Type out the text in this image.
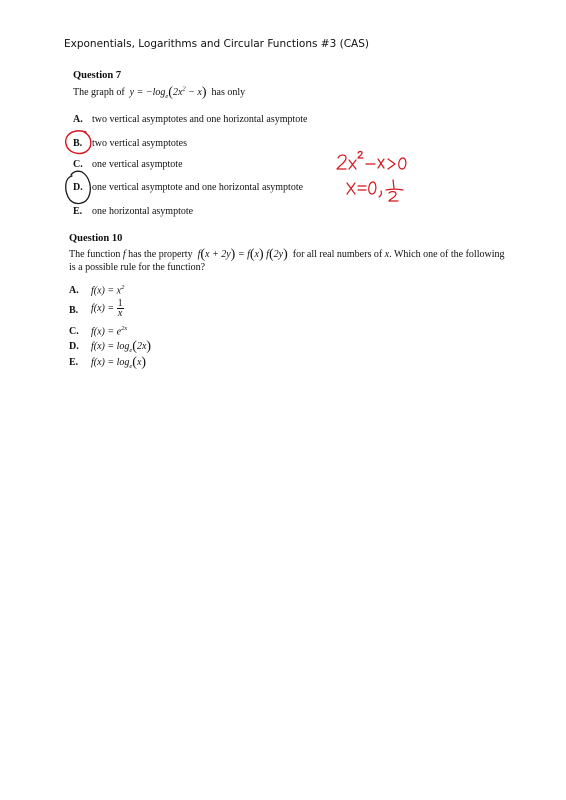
Exponentials, Logarithms and Circular Functions #3 (CAS)
Question 7
The graph of  $y = -\log_e(2x^2 - x)$ has only
A. two vertical asymptotes and one horizontal asymptote
B. two vertical asymptotes
C. one vertical asymptote
D. one vertical asymptote and one horizontal asymptote
E. one horizontal asymptote
Question 10
The function f has the property  f(x + 2y) = f(x) f(2y) for all real numbers of x. Which one of the following
is a possible rule for the function?
A. $f(x) = x^2$
B. $f(x) = \frac{1}{x}$
C. $f(x) = e^{2x}$
D. $f(x) = \log_e(2x)$
E. $f(x) = \log_e(x)$
